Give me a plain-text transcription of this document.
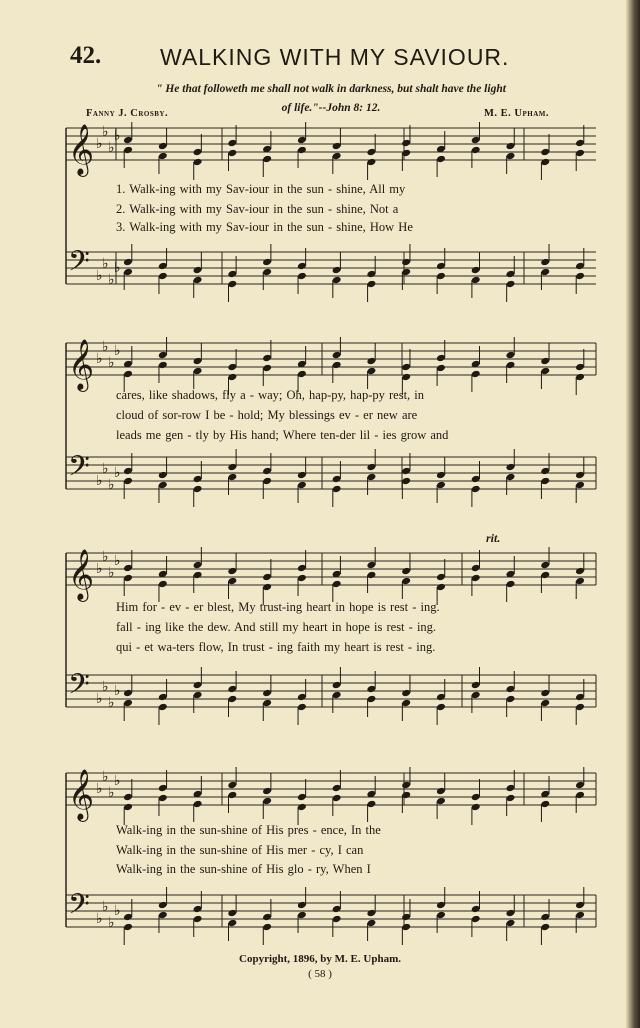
42.	WALKING WITH MY SAVIOUR.
" He that followeth me shall not walk in darkness, but shalt have the light
of life."--John 8: 12.
Fanny J. Crosby.	M. E. Upham.
𝄞 ♭
♭
♭
♭
𝄢 ♭
♭
♭
♭
1. Walk-ing with my Sav-iour in the sun - shine, All my
2. Walk-ing with my Sav-iour in the sun - shine, Not a
3. Walk-ing with my Sav-iour in the sun - shine, How He
𝄞 ♭
♭
♭
♭
𝄢 ♭
♭
♭
♭
cares, like shadows, fly a - way; Oh, hap-py, hap-py rest, in
cloud of sor-row I be - hold; My blessings ev - er new are
leads me gen - tly by His hand; Where ten-der lil - ies grow and
𝄞 ♭
♭
♭
♭
𝄢 ♭
♭
♭
♭
rit.
Him for - ev - er blest, My trust-ing heart in hope is rest - ing.
fall - ing like the dew. And still my heart in hope is rest - ing.
qui - et wa-ters flow, In trust - ing faith my heart is rest - ing.
𝄞 ♭
♭
♭
♭
𝄢 ♭
♭
♭
♭
Walk-ing in the sun-shine of His pres - ence, In the
Walk-ing in the sun-shine of His mer - cy, I can
Walk-ing in the sun-shine of His glo - ry, When I
Copyright, 1896, by M. E. Upham.
( 58 )
